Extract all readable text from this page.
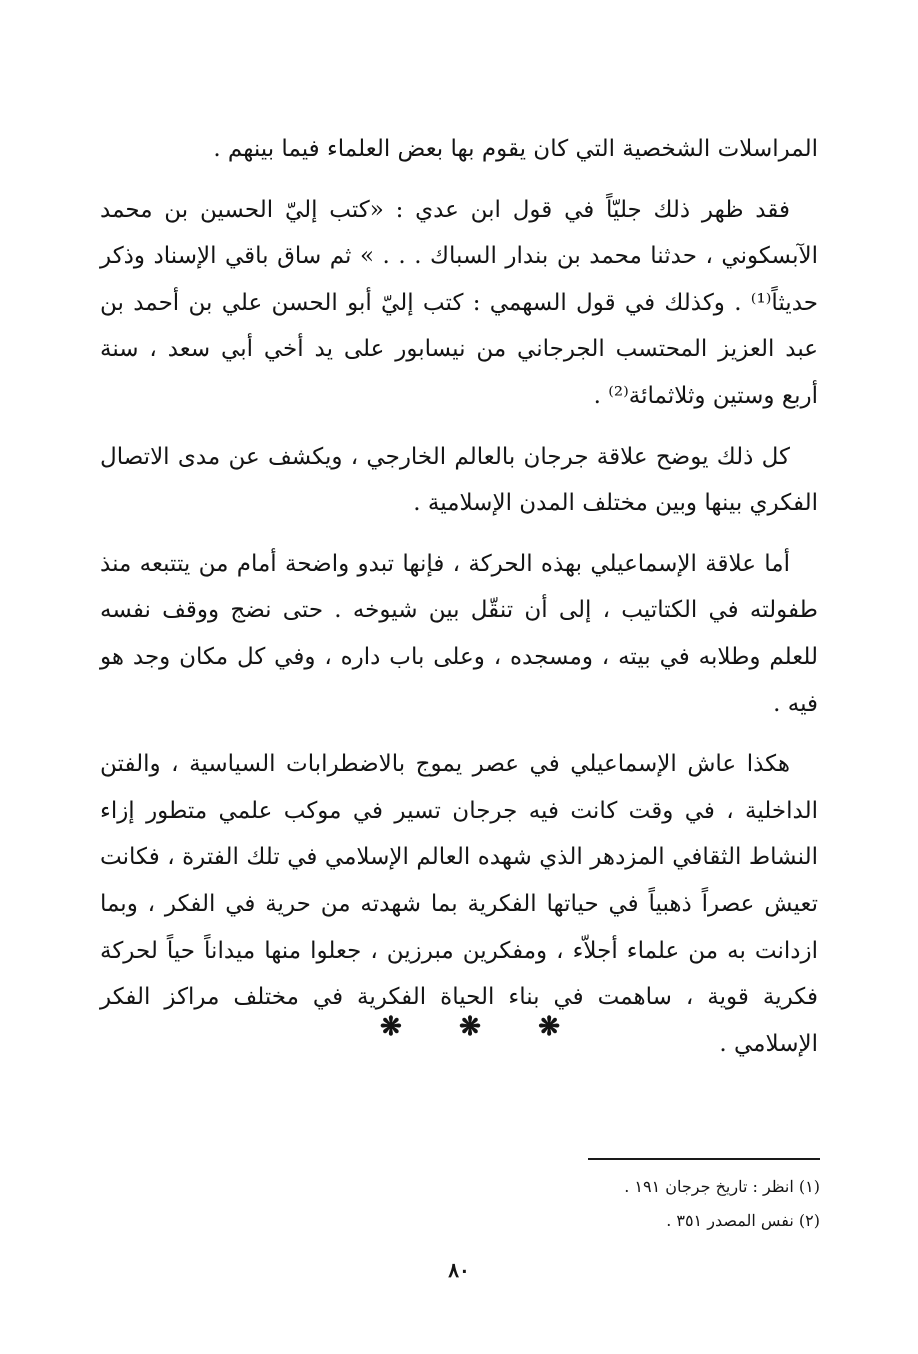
المراسلات الشخصية التي كان يقوم بها بعض العلماء فيما بينهم .

فقد ظهر ذلك جليّاً في قول ابن عدي : «كتب إليّ الحسين بن محمد الآبسكوني ، حدثنا محمد بن بندار السباك . . . » ثم ساق باقي الإسناد وذكر حديثاً⁽¹⁾ . وكذلك في قول السهمي : كتب إليّ أبو الحسن علي بن أحمد بن عبد العزيز المحتسب الجرجاني من نيسابور على يد أخي أبي سعد ، سنة أربع وستين وثلاثمائة⁽²⁾ .

كل ذلك يوضح علاقة جرجان بالعالم الخارجي ، ويكشف عن مدى الاتصال الفكري بينها وبين مختلف المدن الإسلامية .

أما علاقة الإسماعيلي بهذه الحركة ، فإنها تبدو واضحة أمام من يتتبعه منذ طفولته في الكتاتيب ، إلى أن تنقّل بين شيوخه . حتى نضج ووقف نفسه للعلم وطلابه في بيته ، ومسجده ، وعلى باب داره ، وفي كل مكان وجد هو فيه .

هكذا عاش الإسماعيلي في عصر يموج بالاضطرابات السياسية ، والفتن الداخلية ، في وقت كانت فيه جرجان تسير في موكب علمي متطور إزاء النشاط الثقافي المزدهر الذي شهده العالم الإسلامي في تلك الفترة ، فكانت تعيش عصراً ذهبياً في حياتها الفكرية بما شهدته من حرية في الفكر ، وبما ازدانت به من علماء أجلاّء ، ومفكرين مبرزين ، جعلوا منها ميداناً حياً لحركة فكرية قوية ، ساهمت في بناء الحياة الفكرية في مختلف مراكز الفكر الإسلامي .

❋ ❋ ❋
(١) انظر : تاريخ جرجان ١٩١ .
(٢) نفس المصدر ٣٥١ .
٨٠
